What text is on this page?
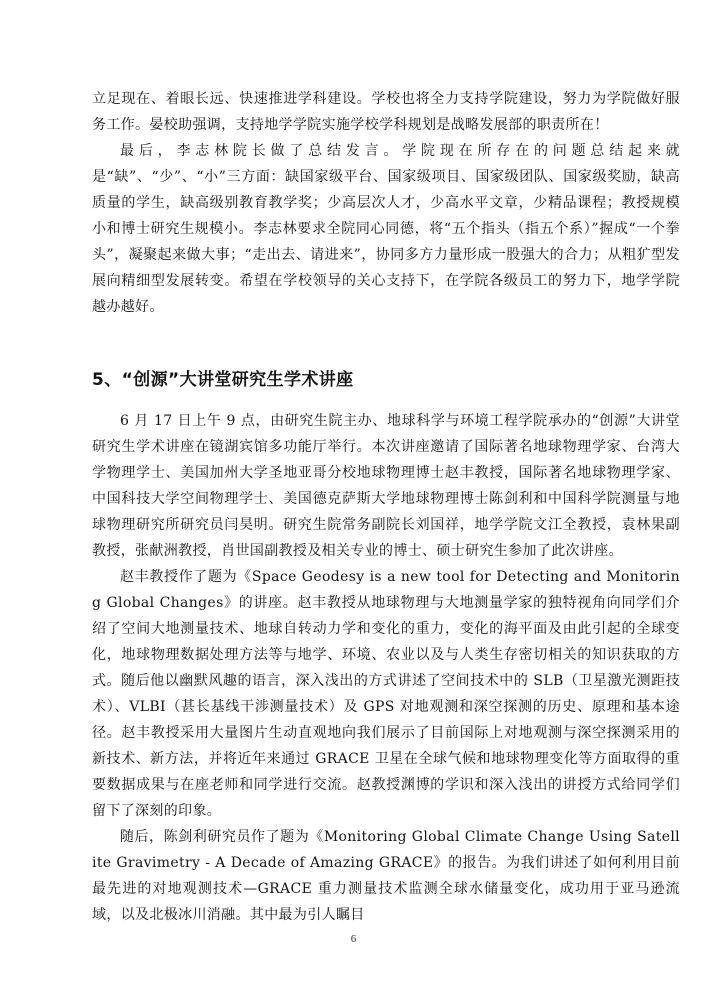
立足现在、着眼长远、快速推进学科建设。学校也将全力支持学院建设，努力为学院做好服务工作。晏校助强调，支持地学学院实施学校学科规划是战略发展部的职责所在！

最后，李志林院长做了总结发言。学院现在所存在的问题总结起来就是“缺”、“少”、“小”三方面：缺国家级平台、国家级项目、国家级团队、国家级奖励，缺高质量的学生，缺高级别教育教学奖；少高层次人才，少高水平文章，少精品课程；教授规模小和博士研究生规模小。李志林要求全院同心同德，将“五个指头（指五个系）”握成“一个拳头”，凝聚起来做大事；“走出去、请进来”，协同多方力量形成一股强大的合力；从粗犷型发展向精细型发展转变。希望在学校领导的关心支持下，在学院各级员工的努力下，地学学院越办越好。

5、“创源”大讲堂研究生学术讲座

6 月 17 日上午 9 点，由研究生院主办、地球科学与环境工程学院承办的“创源”大讲堂研究生学术讲座在镜湖宾馆多功能厅举行。本次讲座邀请了国际著名地球物理学家、台湾大学物理学士、美国加州大学圣地亚哥分校地球物理博士赵丰教授，国际著名地球物理学家、中国科技大学空间物理学士、美国德克萨斯大学地球物理博士陈剑利和中国科学院测量与地球物理研究所研究员闫昊明。研究生院常务副院长刘国祥，地学学院文江全教授，袁林果副教授，张献洲教授，肖世国副教授及相关专业的博士、硕士研究生参加了此次讲座。

赵丰教授作了题为《Space Geodesy is a new tool for Detecting and Monitoring Global Changes》的讲座。赵丰教授从地球物理与大地测量学家的独特视角向同学们介绍了空间大地测量技术、地球自转动力学和变化的重力，变化的海平面及由此引起的全球变化，地球物理数据处理方法等与地学、环境、农业以及与人类生存密切相关的知识获取的方式。随后他以幽默风趣的语言，深入浅出的方式讲述了空间技术中的 SLB（卫星激光测距技术）、VLBI（甚长基线干涉测量技术）及 GPS 对地观测和深空探测的历史、原理和基本途径。赵丰教授采用大量图片生动直观地向我们展示了目前国际上对地观测与深空探测采用的新技术、新方法，并将近年来通过 GRACE 卫星在全球气候和地球物理变化等方面取得的重要数据成果与在座老师和同学进行交流。赵教授渊博的学识和深入浅出的讲授方式给同学们留下了深刻的印象。

随后，陈剑利研究员作了题为《Monitoring Global Climate Change Using Satellite Gravimetry - A Decade of Amazing GRACE》的报告。为我们讲述了如何利用目前最先进的对地观测技术—GRACE 重力测量技术监测全球水储量变化，成功用于亚马逊流域，以及北极冰川消融。其中最为引人瞩目

6
